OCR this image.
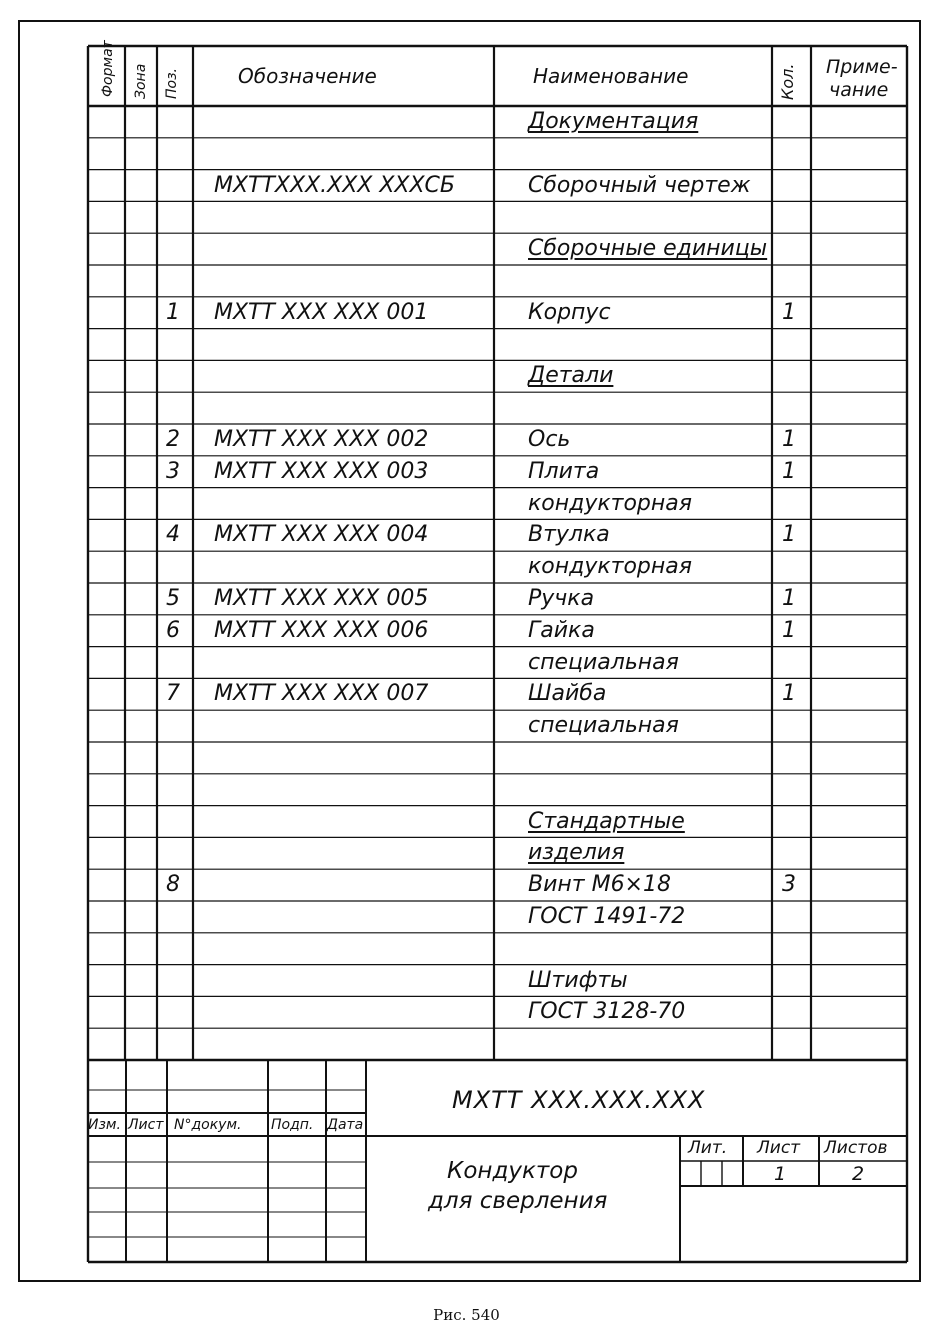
Формат Зона Поз.	Обозначение	Наименование	Кол. Приме-
чание
Документация
МХТТХХХ.ХХХ ХХХСБ	Сборочный чертеж
Сборочные единицы
1 МХТТ ХХХ ХХХ 001	Корпус	1
Детали
2 МХТТ ХХХ ХХХ 002	Ось	1
3 МХТТ ХХХ ХХХ 003	Плита	1
кондукторная
4 МХТТ ХХХ ХХХ 004	Втулка	1
кондукторная
5 МХТТ ХХХ ХХХ 005	Ручка	1
6 МХТТ ХХХ ХХХ 006	Гайка	1
специальная
7 МХТТ ХХХ ХХХ 007	Шайба	1
специальная
Стандартные
изделия
8	Винт М6×18	3
ГОСТ 1491-72
Штифты
ГОСТ 3128-70
МХТТ ХХХ.ХХХ.ХХХ
Изм. Лист N°докум. Подп. Дата
Кондуктор
для сверления
Лит. Лист Листов
1	2
Рис. 540
